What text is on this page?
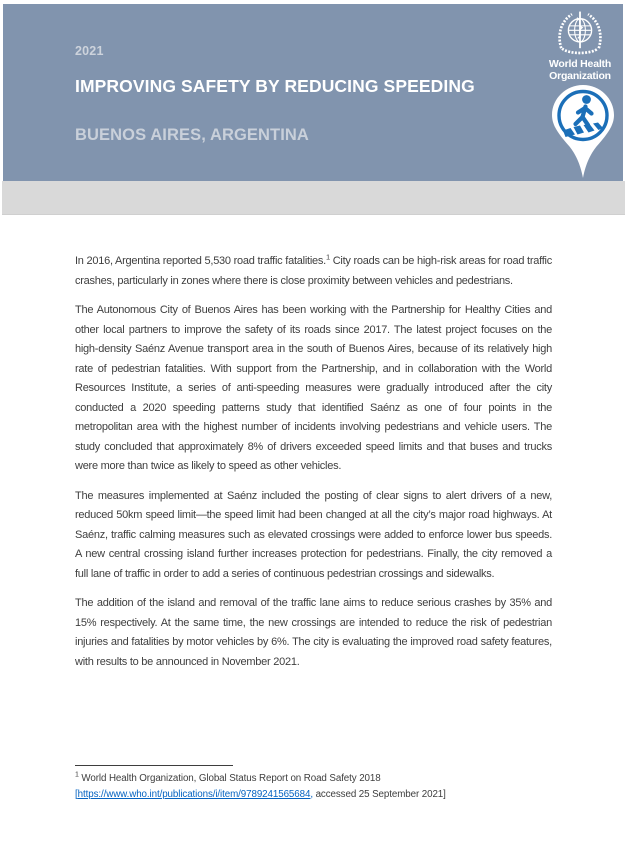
2021
IMPROVING SAFETY BY REDUCING SPEEDING
BUENOS AIRES, ARGENTINA
World Health
Organization

In 2016, Argentina reported 5,530 road traffic fatalities.$^1$ City roads can be high-risk areas for road traffic crashes, particularly in zones where there is close proximity between vehicles and pedestrians.

The Autonomous City of Buenos Aires has been working with the Partnership for Healthy Cities and other local partners to improve the safety of its roads since 2017. The latest project focuses on the high-density Saénz Avenue transport area in the south of Buenos Aires, because of its relatively high rate of pedestrian fatalities. With support from the Partnership, and in collaboration with the World Resources Institute, a series of anti-speeding measures were gradually introduced after the city conducted a 2020 speeding patterns study that identified Saénz as one of four points in the metropolitan area with the highest number of incidents involving pedestrians and vehicle users. The study concluded that approximately 8% of drivers exceeded speed limits and that buses and trucks were more than twice as likely to speed as other vehicles.

The measures implemented at Saénz included the posting of clear signs to alert drivers of a new, reduced 50km speed limit—the speed limit had been changed at all the city’s major road highways. At Saénz, traffic calming measures such as elevated crossings were added to enforce lower bus speeds. A new central crossing island further increases protection for pedestrians. Finally, the city removed a full lane of traffic in order to add a series of continuous pedestrian crossings and sidewalks.

The addition of the island and removal of the traffic lane aims to reduce serious crashes by 35% and 15% respectively. At the same time, the new crossings are intended to reduce the risk of pedestrian injuries and fatalities by motor vehicles by 6%. The city is evaluating the improved road safety features, with results to be announced in November 2021.

$^1$ World Health Organization, Global Status Report on Road Safety 2018
[https://www.who.int/publications/i/item/9789241565684, accessed 25 September 2021]
